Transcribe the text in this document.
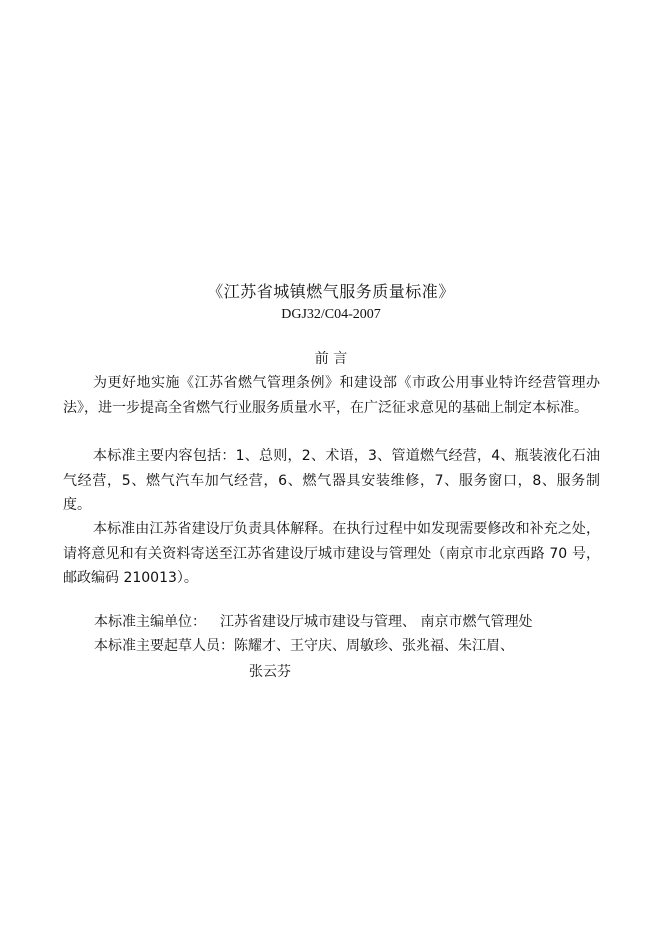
《江苏省城镇燃气服务质量标准》
DGJ32/C04-2007
前 言

为更好地实施《江苏省燃气管理条例》和建设部《市政公用事业特许经营管理办法》，进一步提高全省燃气行业服务质量水平，在广泛征求意见的基础上制定本标准。

本标准主要内容包括：1、总则，2、术语，3、管道燃气经营，4、瓶装液化石油气经营，5、燃气汽车加气经营，6、燃气器具安装维修，7、服务窗口，8、服务制度。

本标准由江苏省建设厅负责具体解释。在执行过程中如发现需要修改和补充之处，请将意见和有关资料寄送至江苏省建设厅城市建设与管理处（南京市北京西路 70 号，邮政编码 210013）。

本标准主编单位： 江苏省建设厅城市建设与管理、 南京市燃气管理处
本标准主要起草人员：陈耀才、王守庆、周敏珍、张兆福、朱江眉、
张云芬
